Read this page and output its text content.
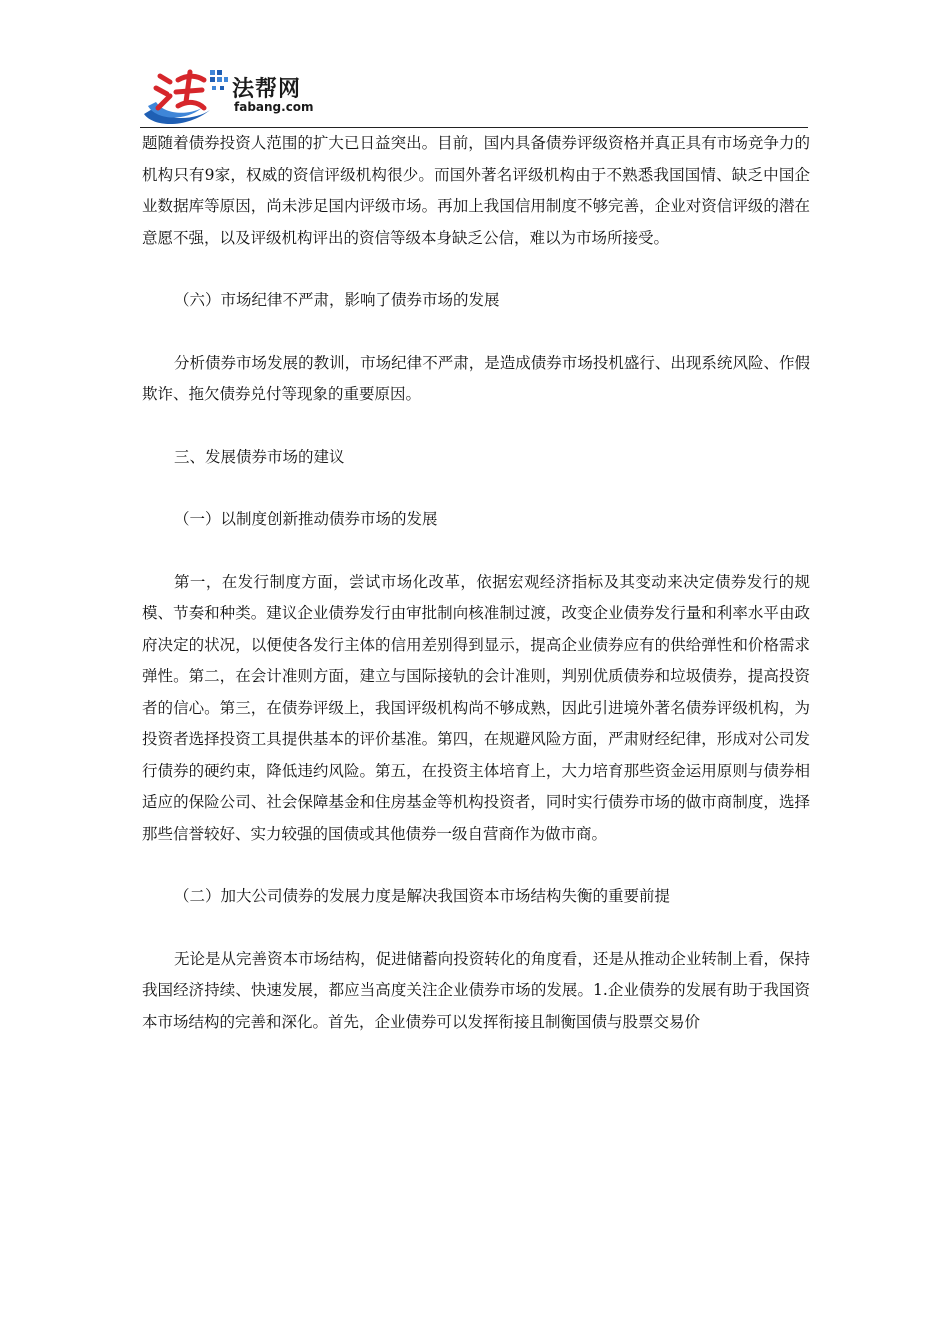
法帮网
fabang.com

题随着债券投资人范围的扩大已日益突出。目前，国内具备债券评级资格并真正具有市场竞争力的机构只有9家，权威的资信评级机构很少。而国外著名评级机构由于不熟悉我国国情、缺乏中国企业数据库等原因，尚未涉足国内评级市场。再加上我国信用制度不够完善，企业对资信评级的潜在意愿不强，以及评级机构评出的资信等级本身缺乏公信，难以为市场所接受。

（六）市场纪律不严肃，影响了债券市场的发展

分析债券市场发展的教训，市场纪律不严肃，是造成债券市场投机盛行、出现系统风险、作假欺诈、拖欠债券兑付等现象的重要原因。

三、发展债券市场的建议

（一）以制度创新推动债券市场的发展

第一，在发行制度方面，尝试市场化改革，依据宏观经济指标及其变动来决定债券发行的规模、节奏和种类。建议企业债券发行由审批制向核准制过渡，改变企业债券发行量和利率水平由政府决定的状况，以便使各发行主体的信用差别得到显示，提高企业债券应有的供给弹性和价格需求弹性。第二，在会计准则方面，建立与国际接轨的会计准则，判别优质债券和垃圾债券，提高投资者的信心。第三，在债券评级上，我国评级机构尚不够成熟，因此引进境外著名债券评级机构，为投资者选择投资工具提供基本的评价基准。第四，在规避风险方面，严肃财经纪律，形成对公司发行债券的硬约束，降低违约风险。第五，在投资主体培育上，大力培育那些资金运用原则与债券相适应的保险公司、社会保障基金和住房基金等机构投资者，同时实行债券市场的做市商制度，选择那些信誉较好、实力较强的国债或其他债券一级自营商作为做市商。

（二）加大公司债券的发展力度是解决我国资本市场结构失衡的重要前提

无论是从完善资本市场结构，促进储蓄向投资转化的角度看，还是从推动企业转制上看，保持我国经济持续、快速发展，都应当高度关注企业债券市场的发展。1.企业债券的发展有助于我国资本市场结构的完善和深化。首先，企业债券可以发挥衔接且制衡国债与股票交易价
